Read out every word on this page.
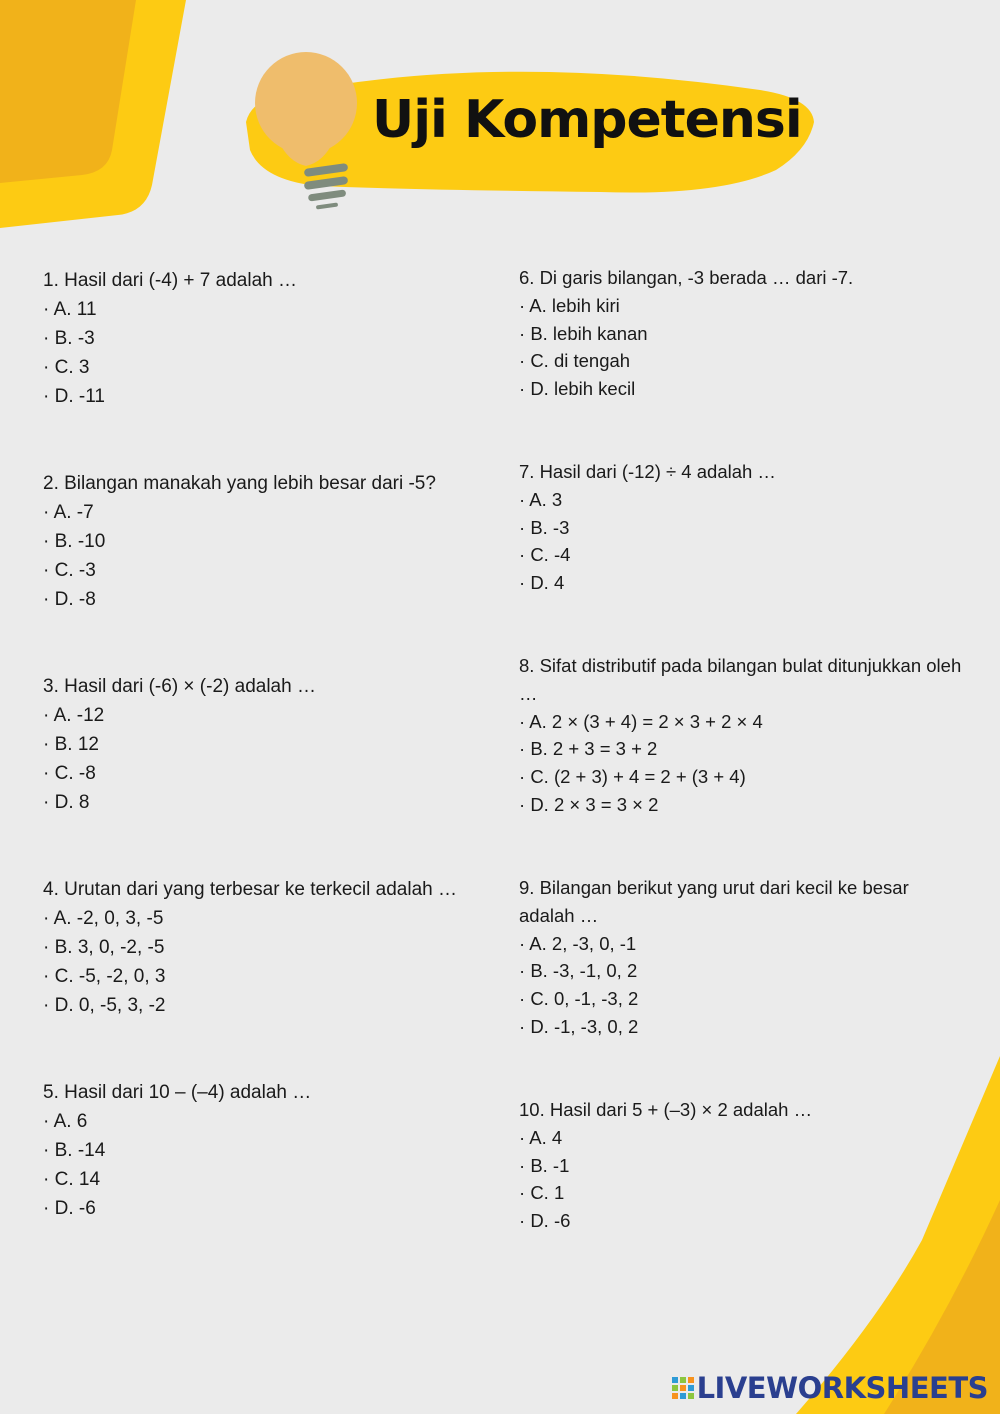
Uji Kompetensi
1. Hasil dari (-4) + 7 adalah …
· A. 11
· B. -3
· C. 3
· D. -11
2. Bilangan manakah yang lebih besar dari -5?
· A. -7
· B. -10
· C. -3
· D. -8
3. Hasil dari (-6) × (-2) adalah …
· A. -12
· B. 12
· C. -8
· D. 8
4. Urutan dari yang terbesar ke terkecil adalah …
· A. -2, 0, 3, -5
· B. 3, 0, -2, -5
· C. -5, -2, 0, 3
· D. 0, -5, 3, -2
5. Hasil dari 10 – (–4) adalah …
· A. 6
· B. -14
· C. 14
· D. -6
6. Di garis bilangan, -3 berada … dari -7.
· A. lebih kiri
· B. lebih kanan
· C. di tengah
· D. lebih kecil
7. Hasil dari (-12) ÷ 4 adalah …
· A. 3
· B. -3
· C. -4
· D. 4
8. Sifat distributif pada bilangan bulat ditunjukkan oleh …
· A. 2 × (3 + 4) = 2 × 3 + 2 × 4
· B. 2 + 3 = 3 + 2
· C. (2 + 3) + 4 = 2 + (3 + 4)
· D. 2 × 3 = 3 × 2
9. Bilangan berikut yang urut dari kecil ke besar adalah …
· A. 2, -3, 0, -1
· B. -3, -1, 0, 2
· C. 0, -1, -3, 2
· D. -1, -3, 0, 2
10. Hasil dari 5 + (–3) × 2 adalah …
· A. 4
· B. -1
· C. 1
· D. -6
LIVEWORKSHEETS
